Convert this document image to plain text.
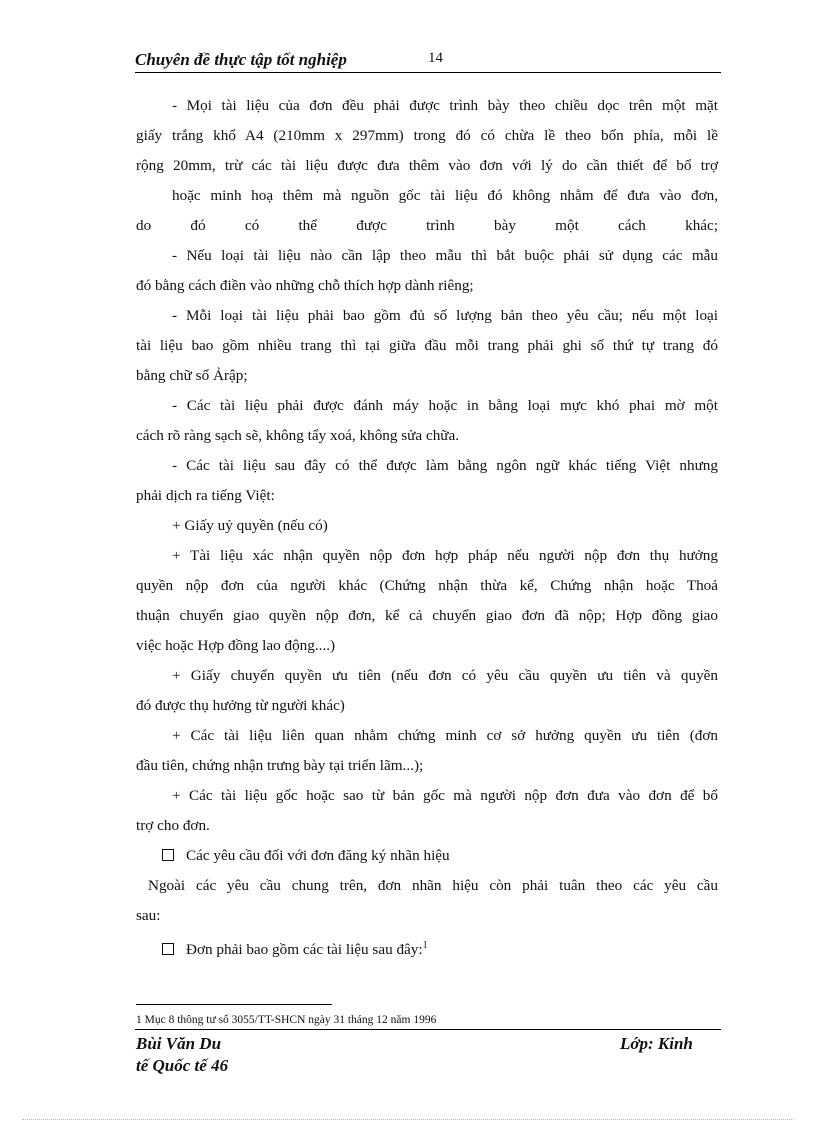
Chuyên đề thực tập tốt nghiệp	14
- Mọi tài liệu của đơn đều phải được trình bày theo chiều dọc trên một mặt
giấy trắng khổ A4 (210mm x 297mm) trong đó có chừa lề theo bốn phía, mỗi lề
rộng 20mm, trừ các tài liệu được đưa thêm vào đơn với lý do cần thiết để bổ trợ
hoặc minh hoạ thêm mà nguồn gốc tài liệu đó không nhằm để đưa vào đơn,
do đó có thể được trình bày một cách khác;
- Nếu loại tài liệu nào cần lập theo mẫu thì bắt buộc phải sử dụng các mẫu
đó bằng cách điền vào những chỗ thích hợp dành riêng;
- Mỗi loại tài liệu phải bao gồm đủ số lượng bản theo yêu cầu; nếu một loại
tài liệu bao gồm nhiều trang thì tại giữa đầu mỗi trang phải ghi số thứ tự trang đó
bằng chữ số Ảrập;
- Các tài liệu phải được đánh máy hoặc in bằng loại mực khó phai mờ một
cách rõ ràng sạch sẽ, không tẩy xoá, không sửa chữa.
- Các tài liệu sau đây có thể được làm bằng ngôn ngữ khác tiếng Việt nhưng
phải dịch ra tiếng Việt:
+ Giấy uỷ quyền (nếu có)
+ Tài liệu xác nhận quyền nộp đơn hợp pháp nếu người nộp đơn thụ hưởng
quyền nộp đơn của người khác (Chứng nhận thừa kế, Chứng nhận hoặc Thoả
thuận chuyển giao quyền nộp đơn, kể cả chuyển giao đơn đã nộp; Hợp đồng giao
việc hoặc Hợp đồng lao động....)
+ Giấy chuyển quyền ưu tiên (nếu đơn có yêu cầu quyền ưu tiên và quyền
đó được thụ hưởng từ người khác)
+ Các tài liệu liên quan nhằm chứng minh cơ sở hưởng quyền ưu tiên (đơn
đầu tiên, chứng nhận trưng bày tại triển lãm...);
+ Các tài liệu gốc hoặc sao từ bản gốc mà người nộp đơn đưa vào đơn để bổ
trợ cho đơn.
Các yêu cầu đối với đơn đăng ký nhãn hiệu
Ngoài các yêu cầu chung trên, đơn nhãn hiệu còn phải tuân theo các yêu cầu
sau:
Đơn phải bao gồm các tài liệu sau đây:$^1$
1 Mục 8 thông tư số 3055/TT-SHCN ngày 31 tháng 12 năm 1996
Bùi Văn Du	Lớp: Kinh
tế Quốc tế 46
